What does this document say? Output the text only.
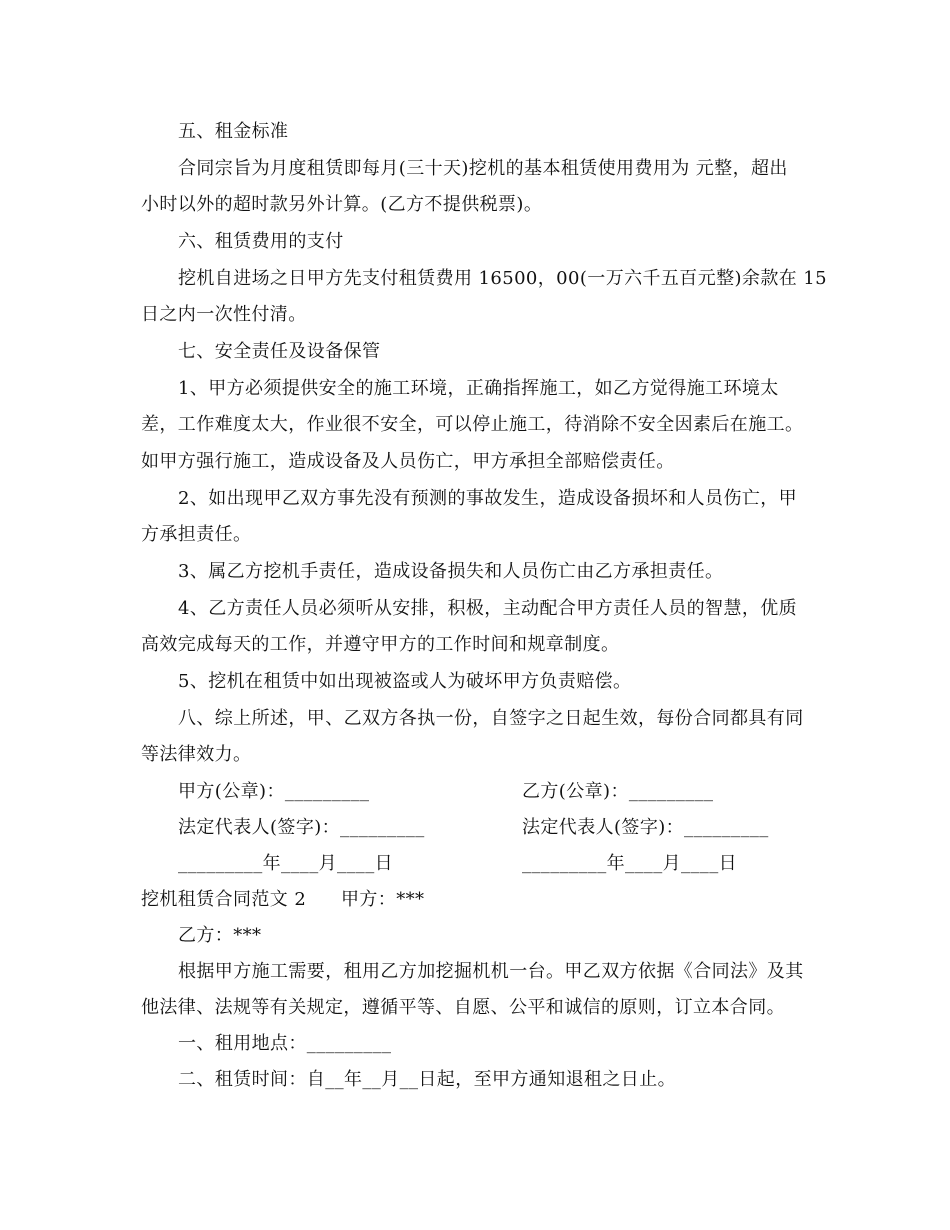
五、租金标准
合同宗旨为月度租赁即每月(三十天)挖机的基本租赁使用费用为 元整，超出
小时以外的超时款另外计算。(乙方不提供税票)。
六、租赁费用的支付
挖机自进场之日甲方先支付租赁费用 16500，00(一万六千五百元整)余款在 15
日之内一次性付清。
七、安全责任及设备保管
1、甲方必须提供安全的施工环境，正确指挥施工，如乙方觉得施工环境太
差，工作难度太大，作业很不安全，可以停止施工，待消除不安全因素后在施工。
如甲方强行施工，造成设备及人员伤亡，甲方承担全部赔偿责任。
2、如出现甲乙双方事先没有预测的事故发生，造成设备损坏和人员伤亡，甲
方承担责任。
3、属乙方挖机手责任，造成设备损失和人员伤亡由乙方承担责任。
4、乙方责任人员必须听从安排，积极，主动配合甲方责任人员的智慧，优质
高效完成每天的工作，并遵守甲方的工作时间和规章制度。
5、挖机在租赁中如出现被盗或人为破坏甲方负责赔偿。
八、综上所述，甲、乙双方各执一份，自签字之日起生效，每份合同都具有同
等法律效力。
甲方(公章)：_________	乙方(公章)：_________
法定代表人(签字)：_________	法定代表人(签字)：_________
_________年____月____日	_________年____月____日
挖机租赁合同范文 2 甲方：***
乙方：***
根据甲方施工需要，租用乙方加挖掘机机一台。甲乙双方依据《合同法》及其
他法律、法规等有关规定，遵循平等、自愿、公平和诚信的原则，订立本合同。
一、租用地点：_________
二、租赁时间：自__年__月__日起，至甲方通知退租之日止。
